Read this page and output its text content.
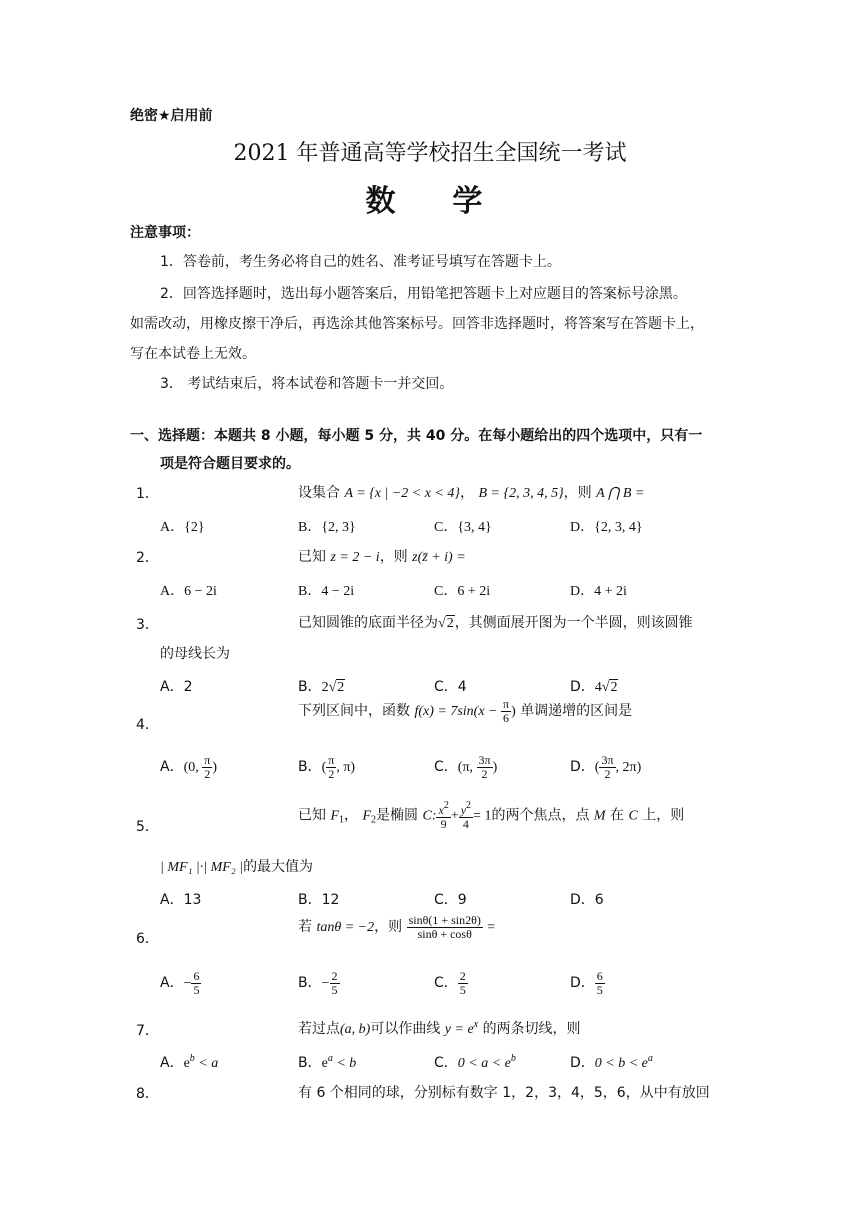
绝密★启用前
2021 年普通高等学校招生全国统一考试
数  学
注意事项：
1．答卷前，考生务必将自己的姓名、准考证号填写在答题卡上。
2．回答选择题时，选出每小题答案后，用铅笔把答题卡上对应题目的答案标号涂黑。
如需改动，用橡皮擦干净后，再选涂其他答案标号。回答非选择题时，将答案写在答题卡上，
写在本试卷上无效。
3． 考试结束后，将本试卷和答题卡一并交回。
一、选择题：本题共 8 小题，每小题 5 分，共 40 分。在每小题给出的四个选项中，只有一
项是符合题目要求的。
1．	设集合 A = {x | −2 < x < 4}， B = {2, 3, 4, 5}，则 A ⋂ B =
A．{2}	B．{2, 3}	C．{3, 4}	D．{2, 3, 4}
2．	已知 z = 2 − i，则 z(z̄ + i) =
A．6 − 2i	B．4 − 2i	C．6 + 2i	D．4 + 2i
3．	已知圆锥的底面半径为√2，其侧面展开图为一个半圆，则该圆锥
的母线长为
A．2	B．2√2	C．4	D．4√2
4．
下列区间中，函数 $f(x) = 7\sin(x - \frac{\pi}{6}$ ) 单调递增的区间是
A．(0, $\frac{\pi}{2}$ )	B．( $\frac{\pi}{2}$ , π)	C．(π, $\frac{3\pi}{2}$ )	D．( $\frac{3\pi}{2}$ , 2π)
5．
已知 $F_1$， $F_2$是椭圆 C: $\frac{x^2}{9} + \frac{y^2}{4} = 1$的两个焦点，点 M 在 C 上，则
| MF₁ |·| MF₂ |的最大值为
A．13	B．12	C．9	D．6
6．
若 tanθ = −2，则 $\frac{\sin\theta(1 + \sin 2\theta)}{\sin\theta + \cos\theta}$ =
A．− $\frac{6}{5}$	B．− $\frac{2}{5}$	C． $\frac{2}{5}$	D． $\frac{6}{5}$
7．	若过点(a, b)可以作曲线 $y = e^x$ 的两条切线，则
A．$e^b < a$	B．$e^a < b$	C．$0 < a < e^b$	D．$0 < b < e^a$
8．	有 6 个相同的球，分别标有数字 1，2，3，4，5，6，从中有放回
